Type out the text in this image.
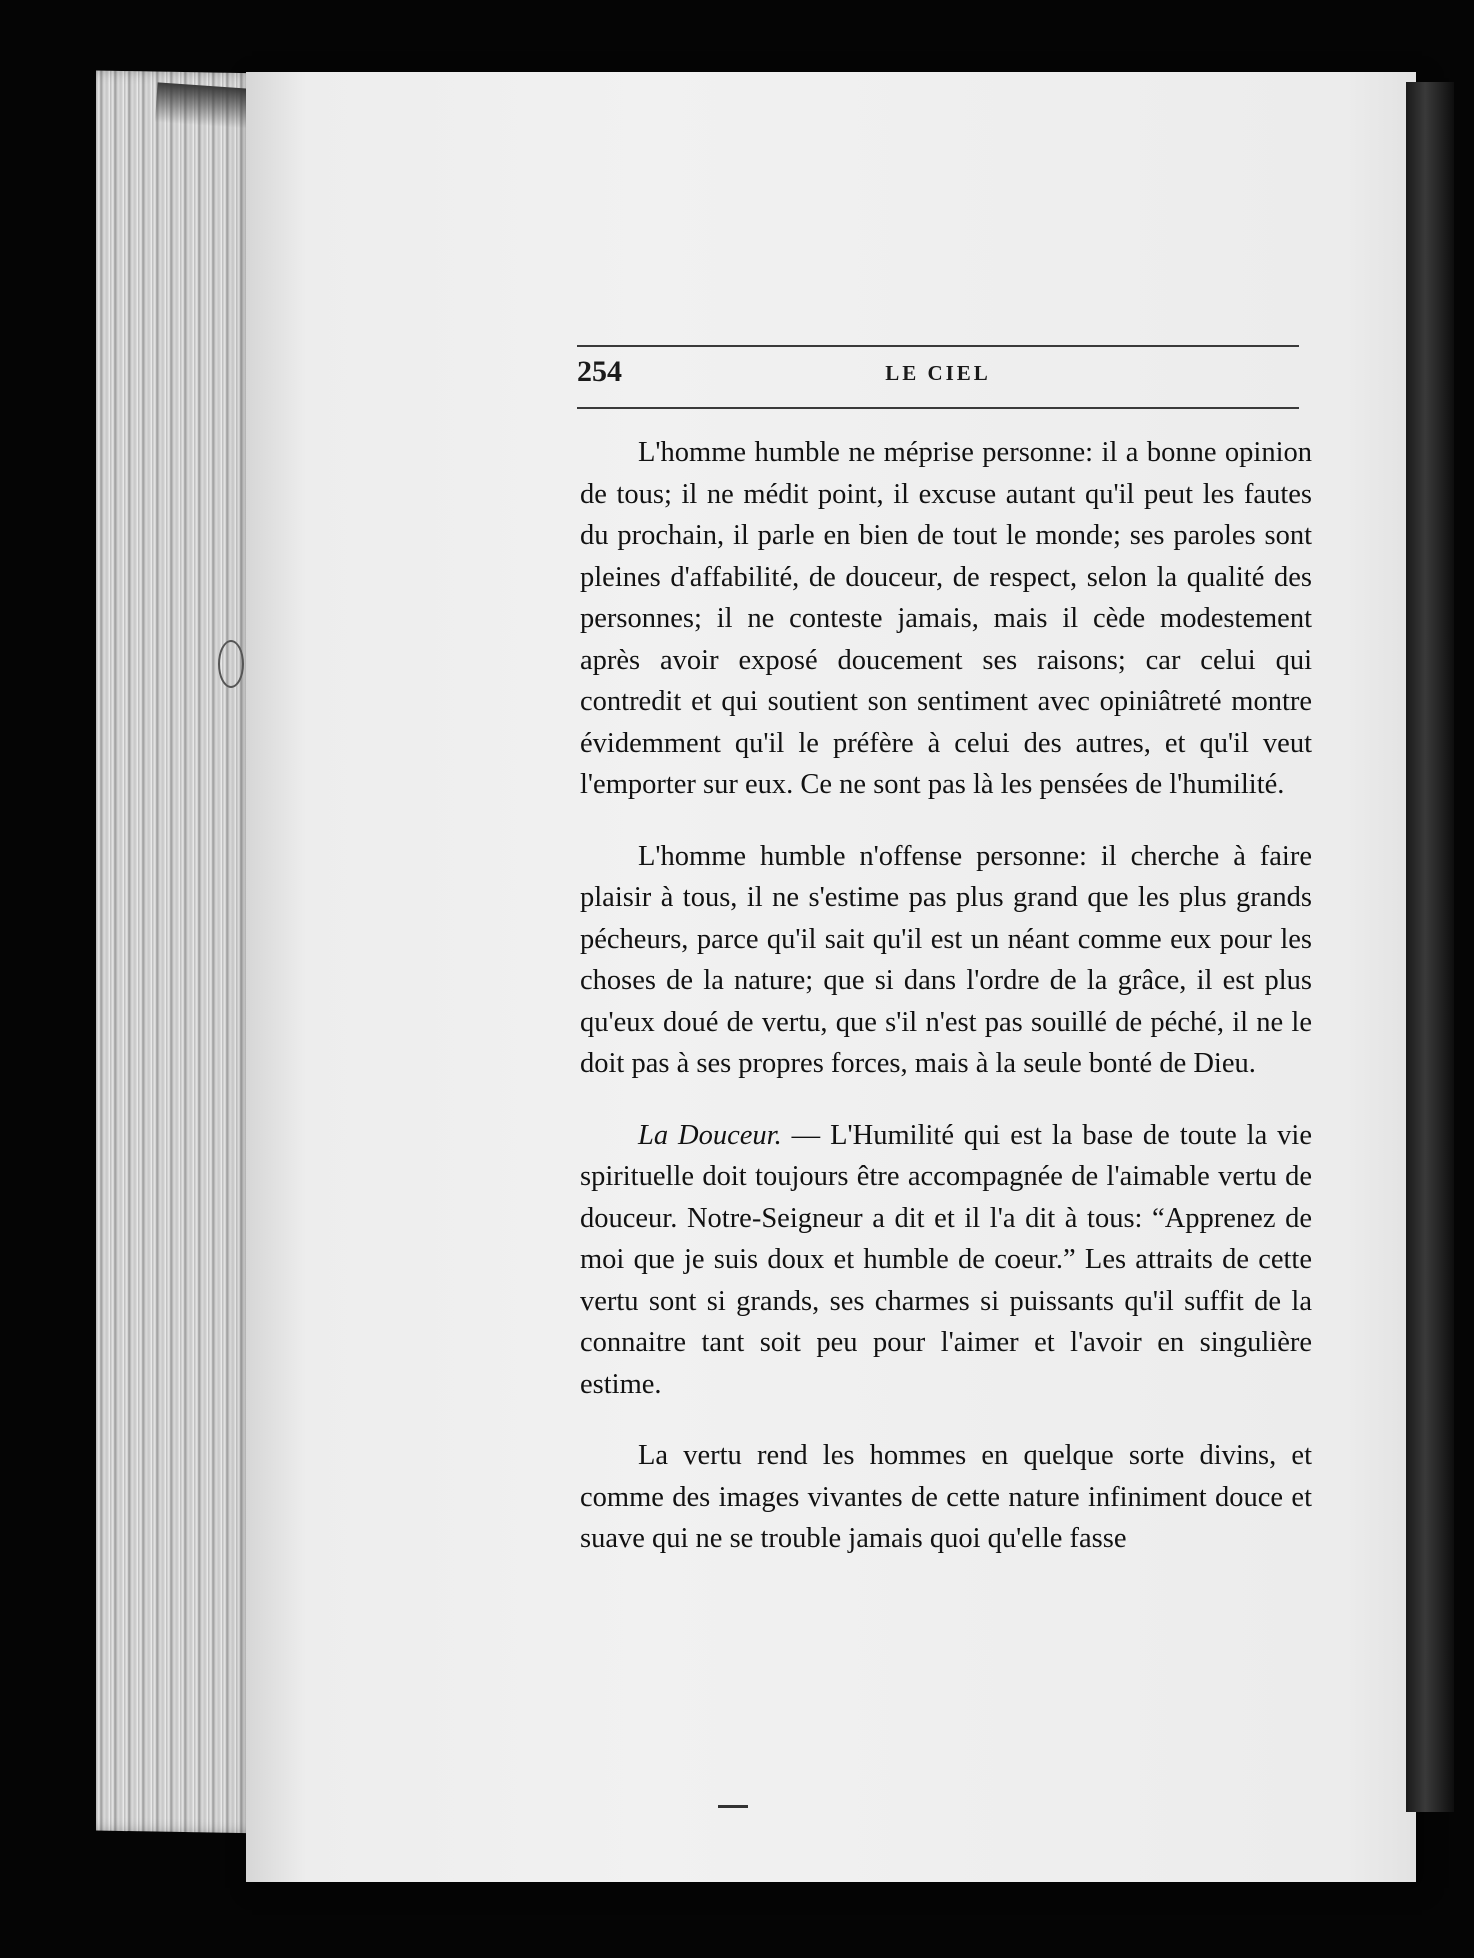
254	LE CIEL

L'homme humble ne méprise personne: il a bonne opinion de tous; il ne médit point, il excuse autant qu'il peut les fautes du prochain, il parle en bien de tout le monde; ses paroles sont pleines d'affabilité, de douceur, de respect, selon la qualité des personnes; il ne conteste jamais, mais il cède modestement après avoir exposé doucement ses raisons; car celui qui contredit et qui soutient son sentiment avec opiniâtreté montre évidemment qu'il le préfère à celui des autres, et qu'il veut l'emporter sur eux. Ce ne sont pas là les pensées de l'humilité.

L'homme humble n'offense personne: il cherche à faire plaisir à tous, il ne s'estime pas plus grand que les plus grands pécheurs, parce qu'il sait qu'il est un néant comme eux pour les choses de la nature; que si dans l'ordre de la grâce, il est plus qu'eux doué de vertu, que s'il n'est pas souillé de péché, il ne le doit pas à ses propres forces, mais à la seule bonté de Dieu.

La Douceur. — L'Humilité qui est la base de toute la vie spirituelle doit toujours être accompagnée de l'aimable vertu de douceur. Notre-Seigneur a dit et il l'a dit à tous: “Apprenez de moi que je suis doux et humble de coeur.” Les attraits de cette vertu sont si grands, ses charmes si puissants qu'il suffit de la connaitre tant soit peu pour l'aimer et l'avoir en singulière estime.

La vertu rend les hommes en quelque sorte divins, et comme des images vivantes de cette nature infiniment douce et suave qui ne se trouble jamais quoi qu'elle fasse
